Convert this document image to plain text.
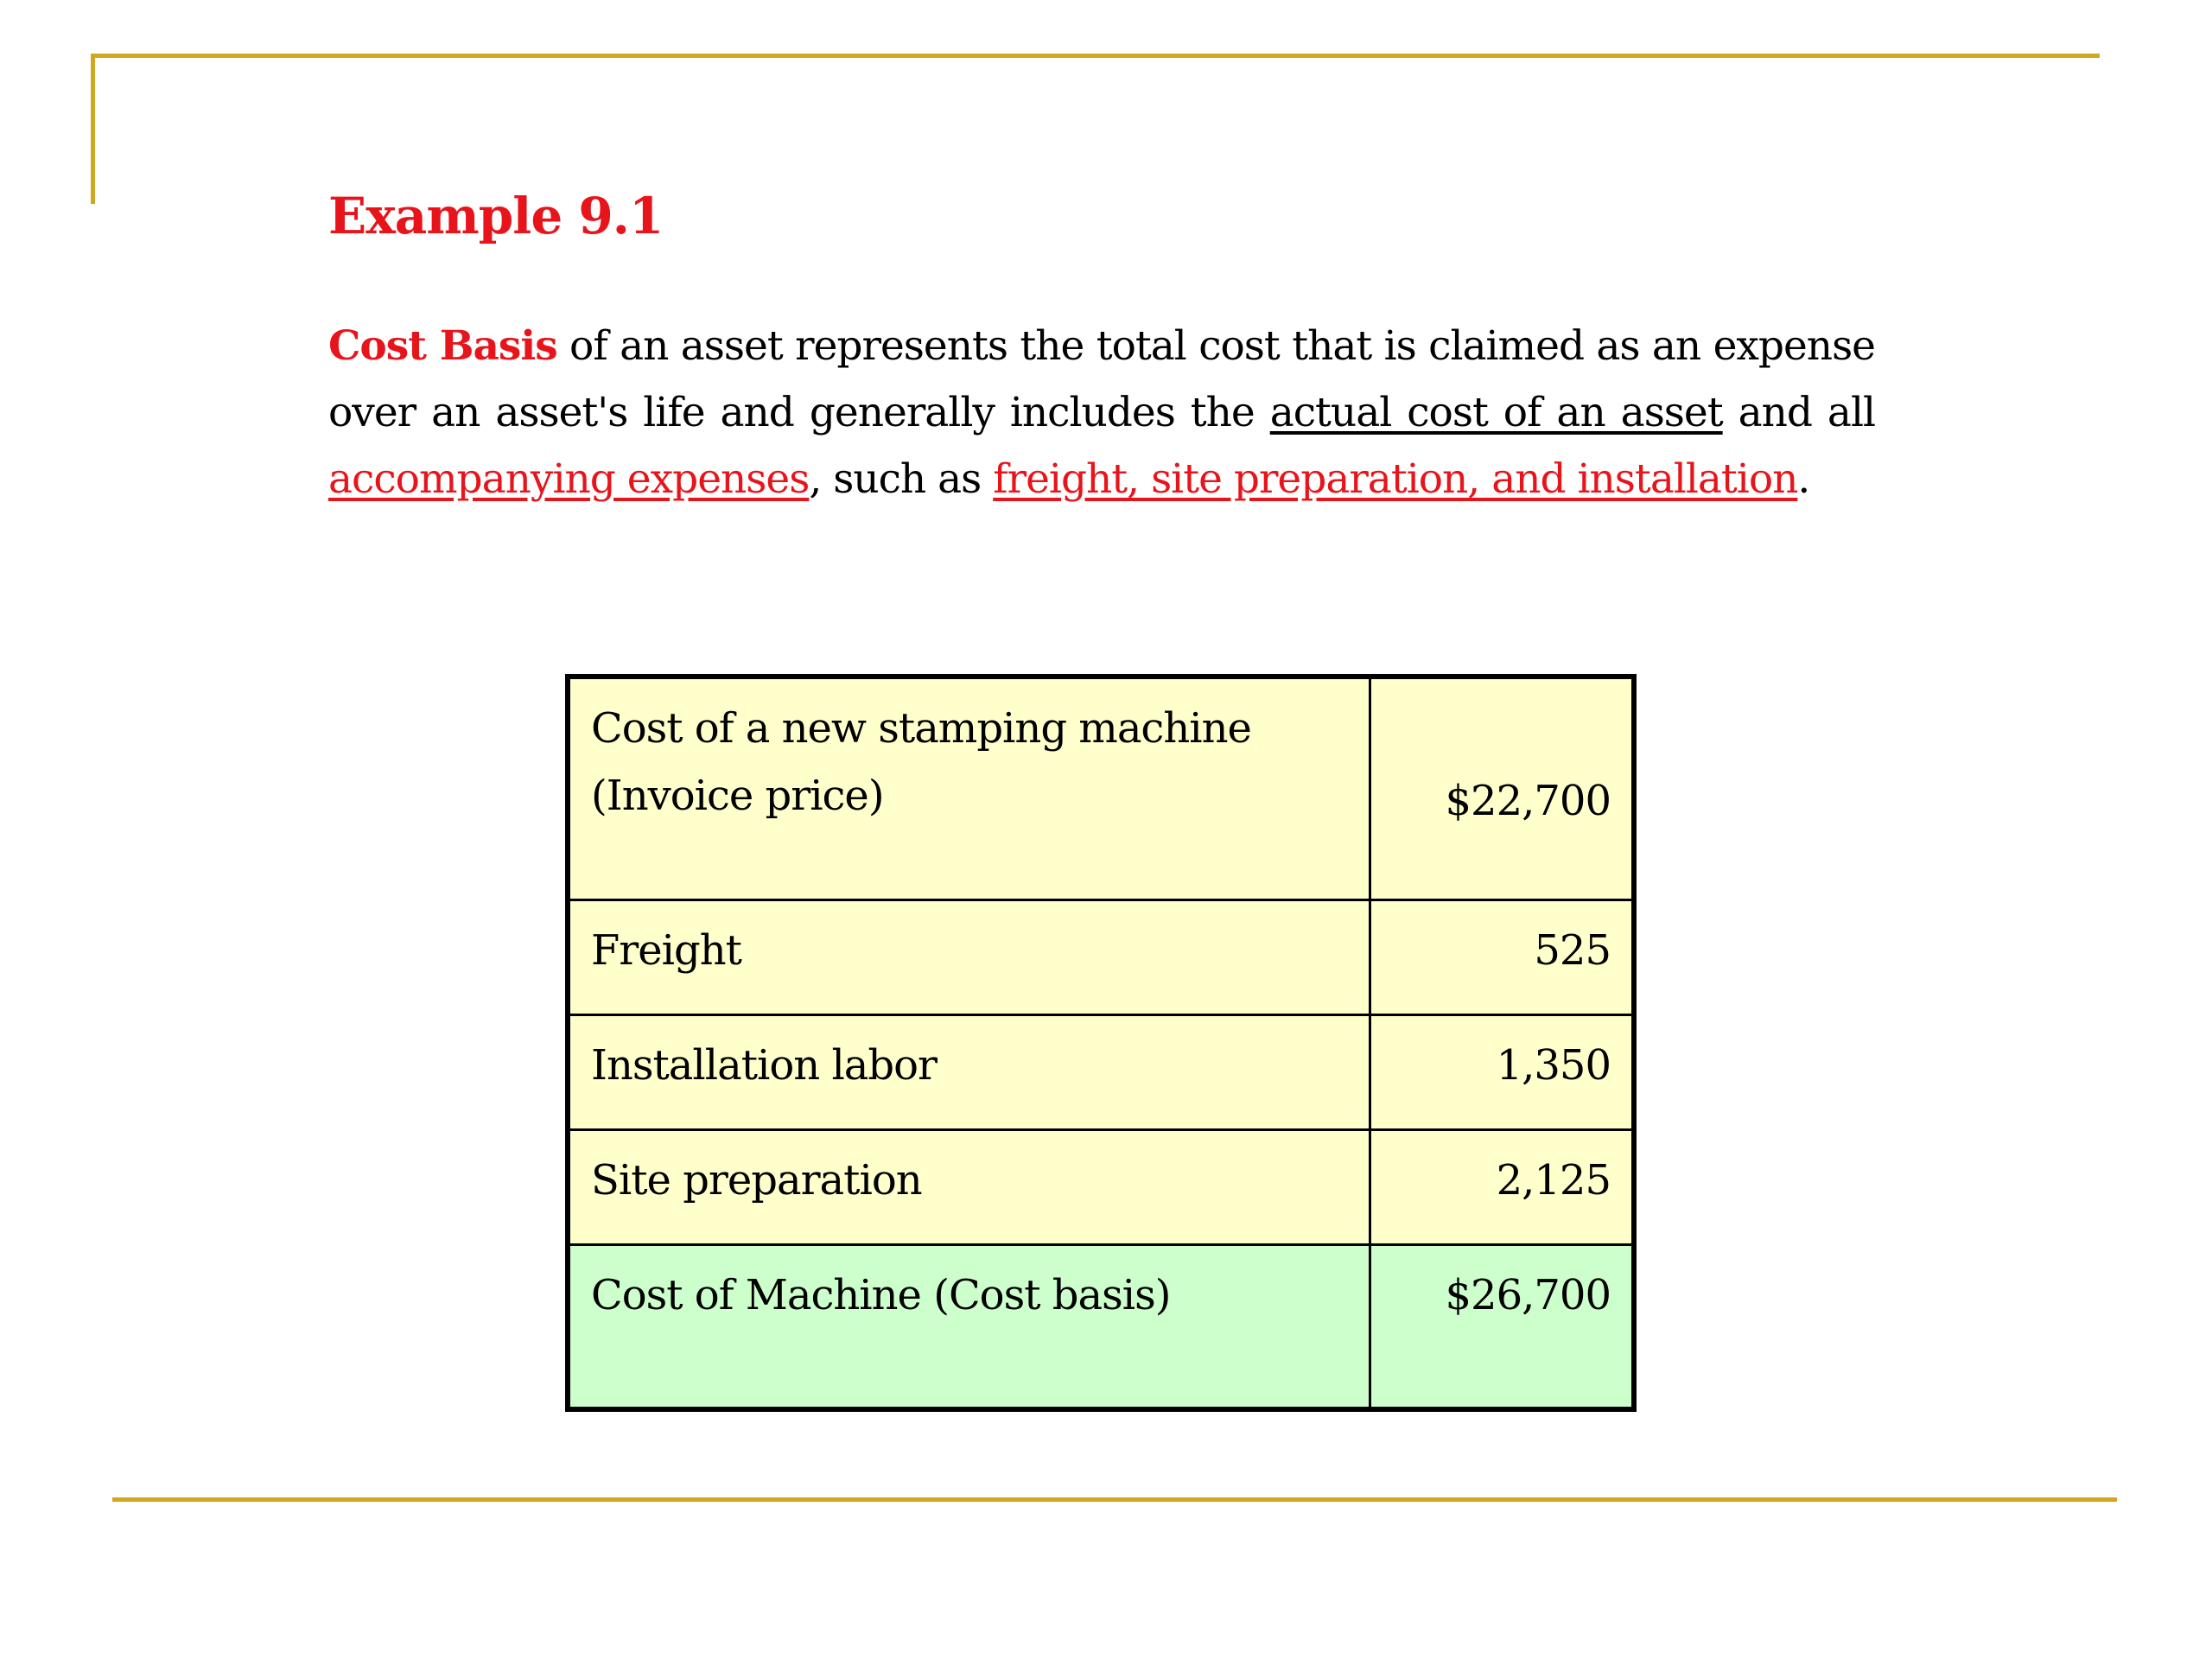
Example 9.1

Cost Basis of an asset represents the total cost that is claimed as an expense over an asset's life and generally includes the actual cost of an asset and all accompanying expenses, such as freight, site preparation, and installation.

Cost of a new stamping machine
(Invoice price)	$22,700
Freight	525
Installation labor	1,350
Site preparation	2,125
Cost of Machine (Cost basis)	$26,700
